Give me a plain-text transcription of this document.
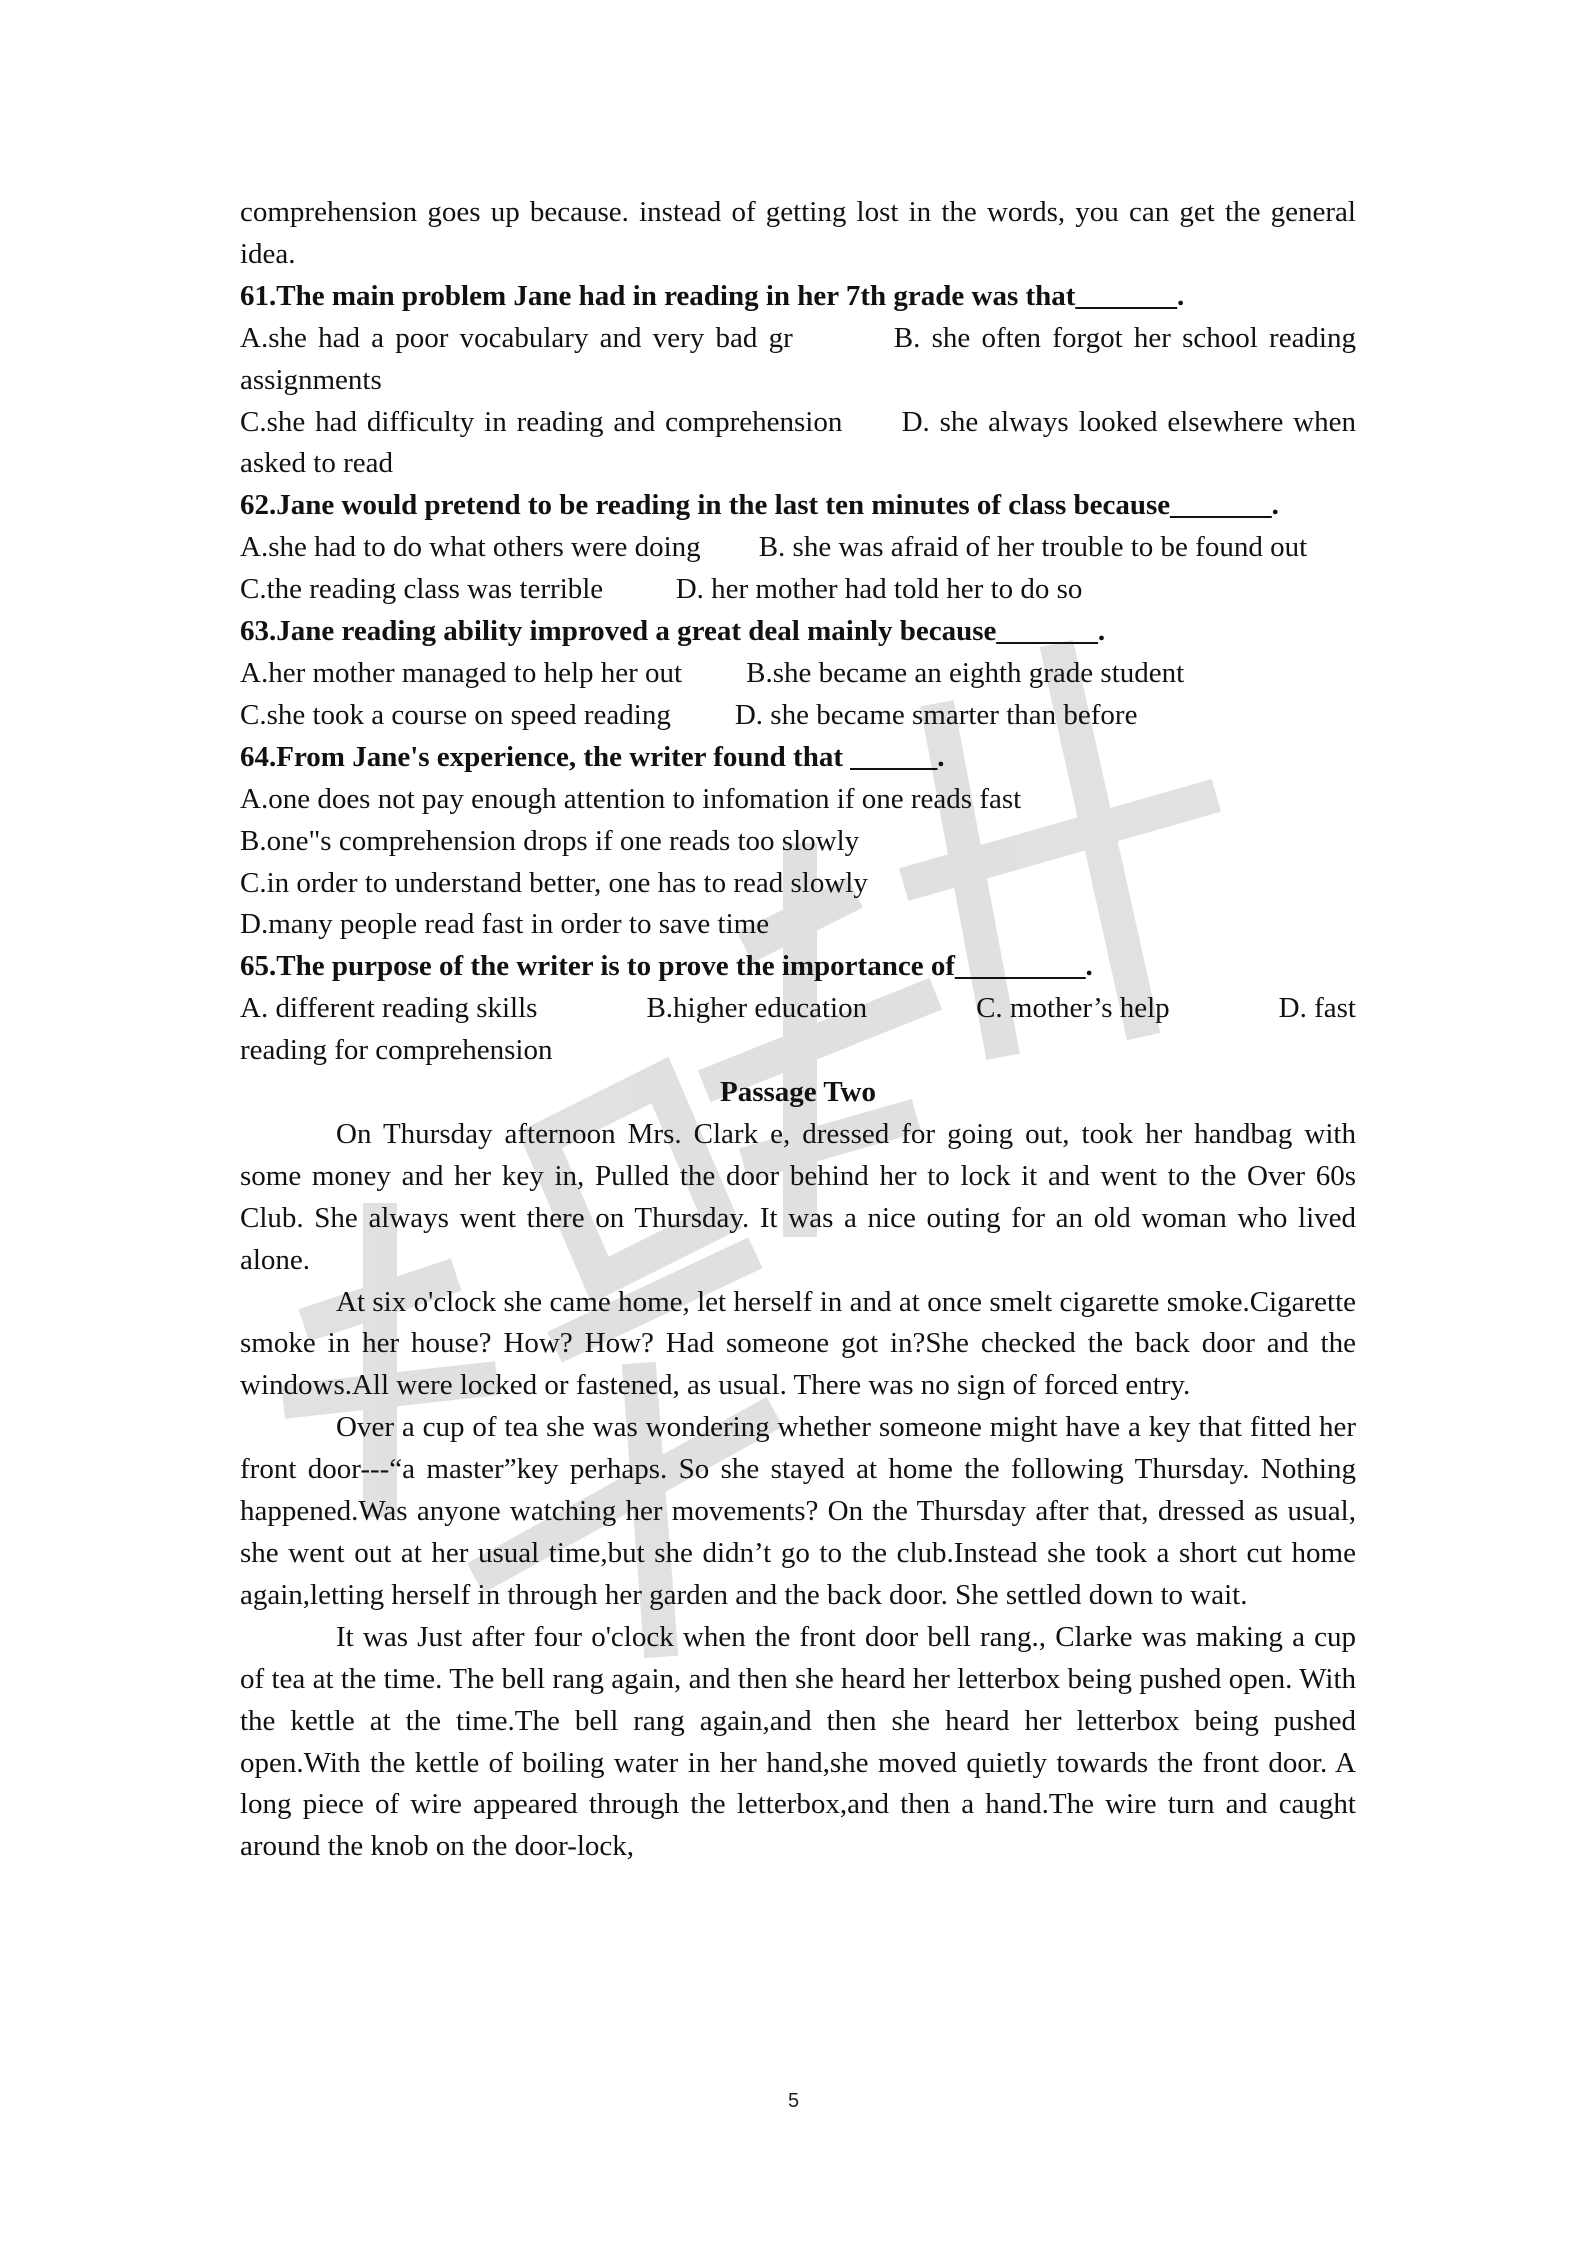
comprehension goes up because. instead of getting lost in the words, you can get the general idea.

61.The main problem Jane had in reading in her 7th grade was that_______.

A.she had a poor vocabulary and very bad gr	B. she often forgot her school reading assignments

C.she had difficulty in reading and comprehension D. she always looked elsewhere when asked to read

62.Jane would pretend to be reading in the last ten minutes of class because_______.

A.she had to do what others were doing B. she was afraid of her trouble to be found out

C.the reading class was terrible	D. her mother had told her to do so

63.Jane reading ability improved a great deal mainly because_______.

A.her mother managed to help her out B.she became an eighth grade student

C.she took a course on speed reading D. she became smarter than before

64.From Jane's experience, the writer found that ______.

A.one does not pay enough attention to infomation if one reads fast

B.one"s comprehension drops if one reads too slowly

C.in order to understand better, one has to read slowly

D.many people read fast in order to save time

65.The purpose of the writer is to prove the importance of_________.

A. different reading skills	B.higher education	C. mother’s help	D. fast

reading for comprehension

Passage Two

On Thursday afternoon Mrs. Clark e, dressed for going out, took her handbag with some money and her key in, Pulled the door behind her to lock it and went to the Over 60s Club. She always went there on Thursday. It was a nice outing for an old woman who lived alone.

At six o'clock she came home, let herself in and at once smelt cigarette smoke.Cigarette smoke in her house? How? How? Had someone got in?She checked the back door and the windows.All were locked or fastened, as usual. There was no sign of forced entry.

Over a cup of tea she was wondering whether someone might have a key that fitted her front door---“a master”key perhaps. So she stayed at home the following Thursday. Nothing happened.Was anyone watching her movements? On the Thursday after that, dressed as usual, she went out at her usual time,but she didn’t go to the club.Instead she took a short cut home again,letting herself in through her garden and the back door. She settled down to wait.

It was Just after four o'clock when the front door bell rang., Clarke was making a cup of tea at the time. The bell rang again, and then she heard her letterbox being pushed open. With the kettle at the time.The bell rang again,and then she heard her letterbox being pushed open.With the kettle of boiling water in her hand,she moved quietly towards the front door. A long piece of wire appeared through the letterbox,and then a hand.The wire turn and caught around the knob on the door-lock,

5
